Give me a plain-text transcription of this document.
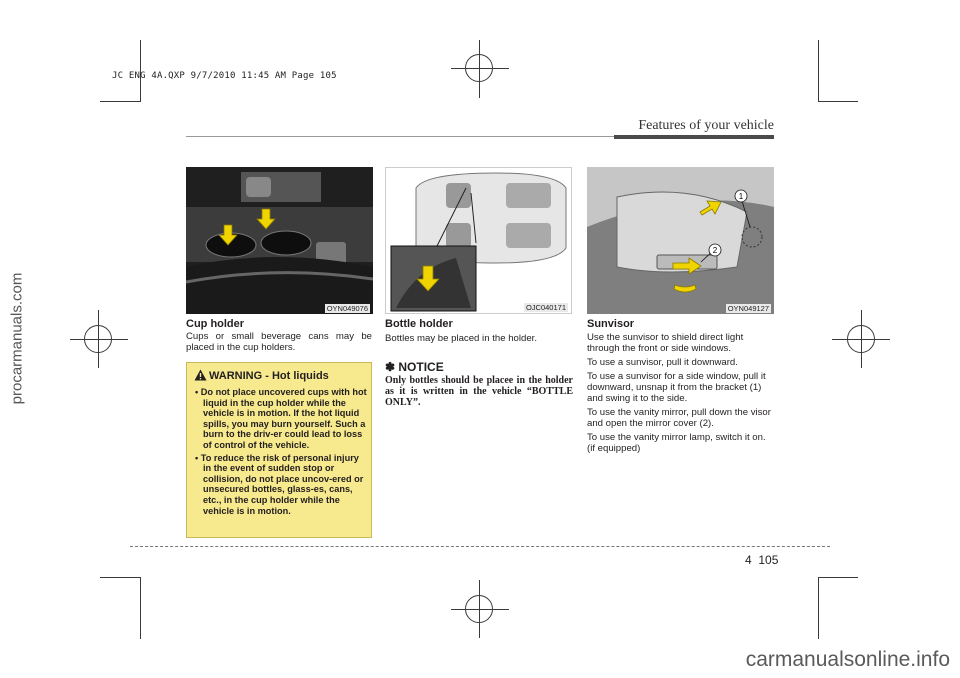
JC ENG 4A.QXP 9/7/2010 11:45 AM Page 105
procarmanuals.com
Features of your vehicle
OYN049076	OJC040171
1
2
OYN049127
Cup holder

Cups or small beverage cans may be placed in the cup holders.

WARNING - Hot liquids
• Do not place uncovered cups with hot liquid in the cup holder while the vehicle is in motion. If the hot liquid spills, you may burn yourself. Such a burn to the driv-er could lead to loss of control of the vehicle.
• To reduce the risk of personal injury in the event of sudden stop or collision, do not place uncov-ered or unsecured bottles, glass-es, cans, etc., in the cup holder while the vehicle is in motion.
Bottle holder

Bottles may be placed in the holder.

✽ NOTICE
Only bottles should be placee in the holder as it is written in the vehicle “BOTTLE ONLY”.
Sunvisor

Use the sunvisor to shield direct light through the front or side windows.

To use a sunvisor, pull it downward.

To use a sunvisor for a side window, pull it downward, unsnap it from the bracket (1) and swing it to the side.

To use the vanity mirror, pull down the visor and open the mirror cover (2).

To use the vanity mirror lamp, switch it on. (if equipped)

4 105
carmanualsonline.info
